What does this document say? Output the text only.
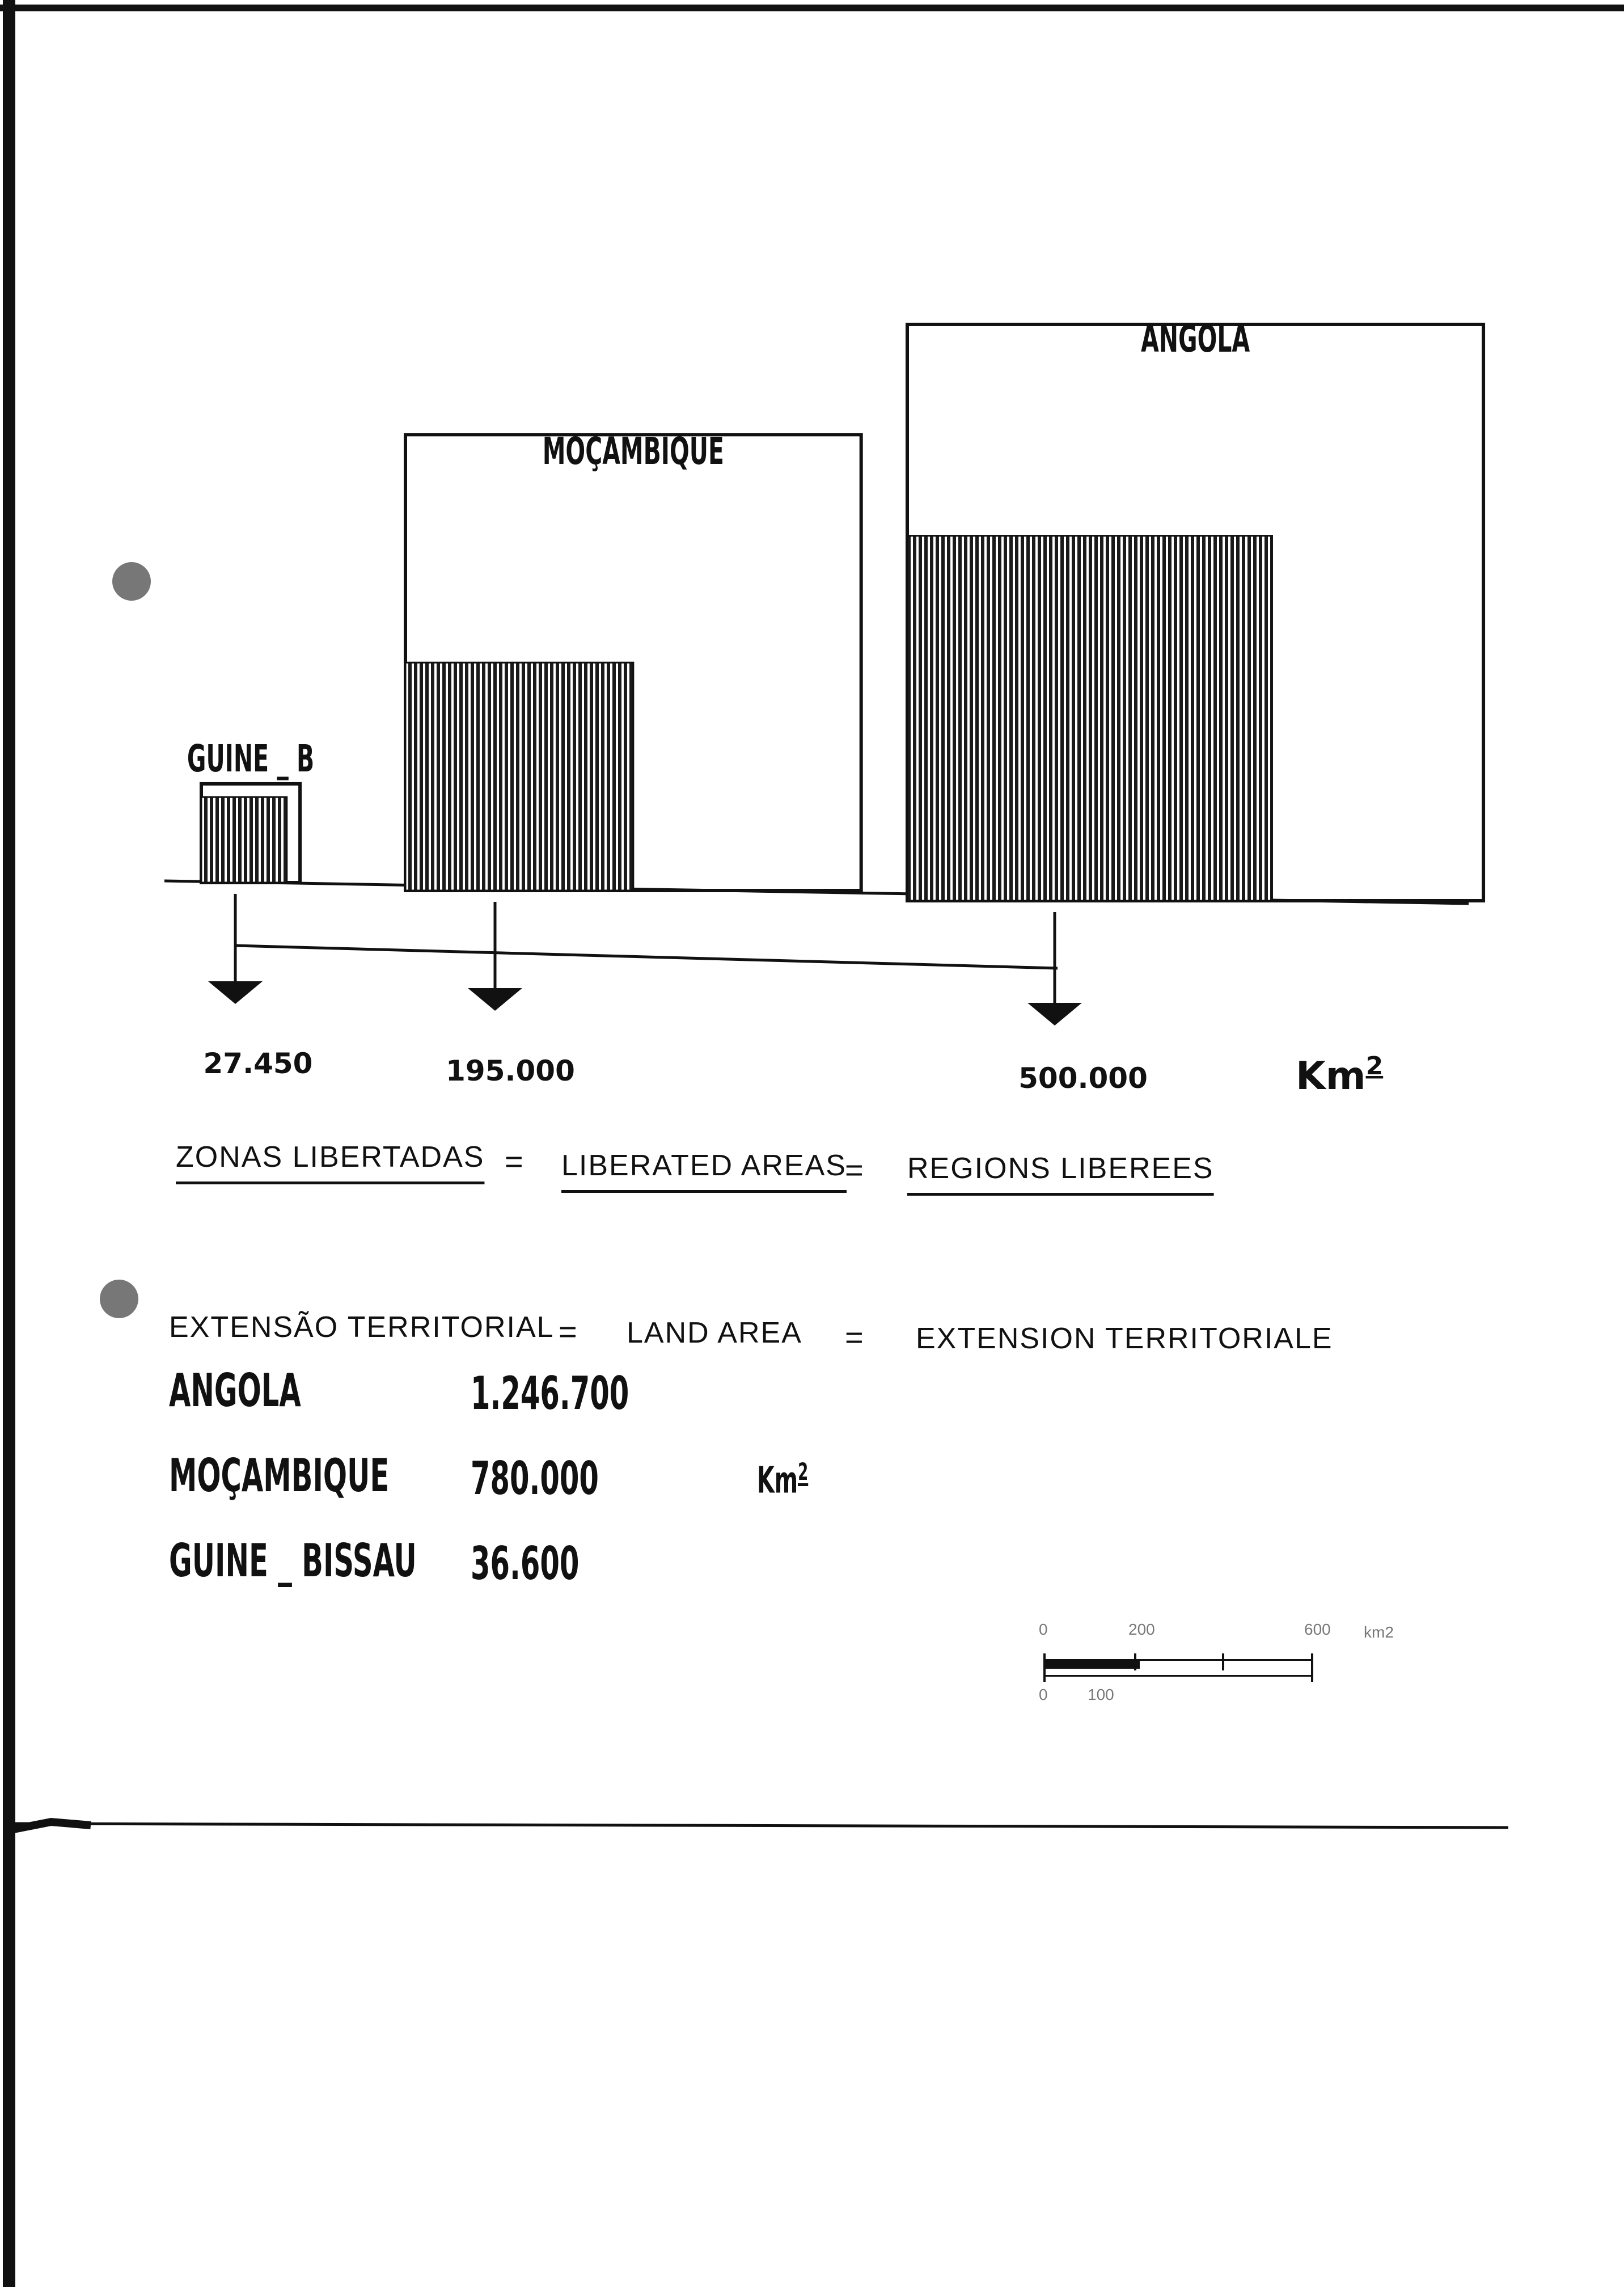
GUINE _ B
MOÇAMBIQUE
ANGOLA
27.450	195.000	500.000	Km$^2$
ZONAS LIBERTADAS = LIBERATED AREAS
= REGIONS LIBEREES
EXTENSÃO TERRITORIAL = LAND AREA = EXTENSION TERRITORIALE
ANGOLA	1.246.700
MOÇAMBIQUE 780.000	Km$^2$
GUINE _ BISSAU 36.600
0	200	600 km2
0	100
